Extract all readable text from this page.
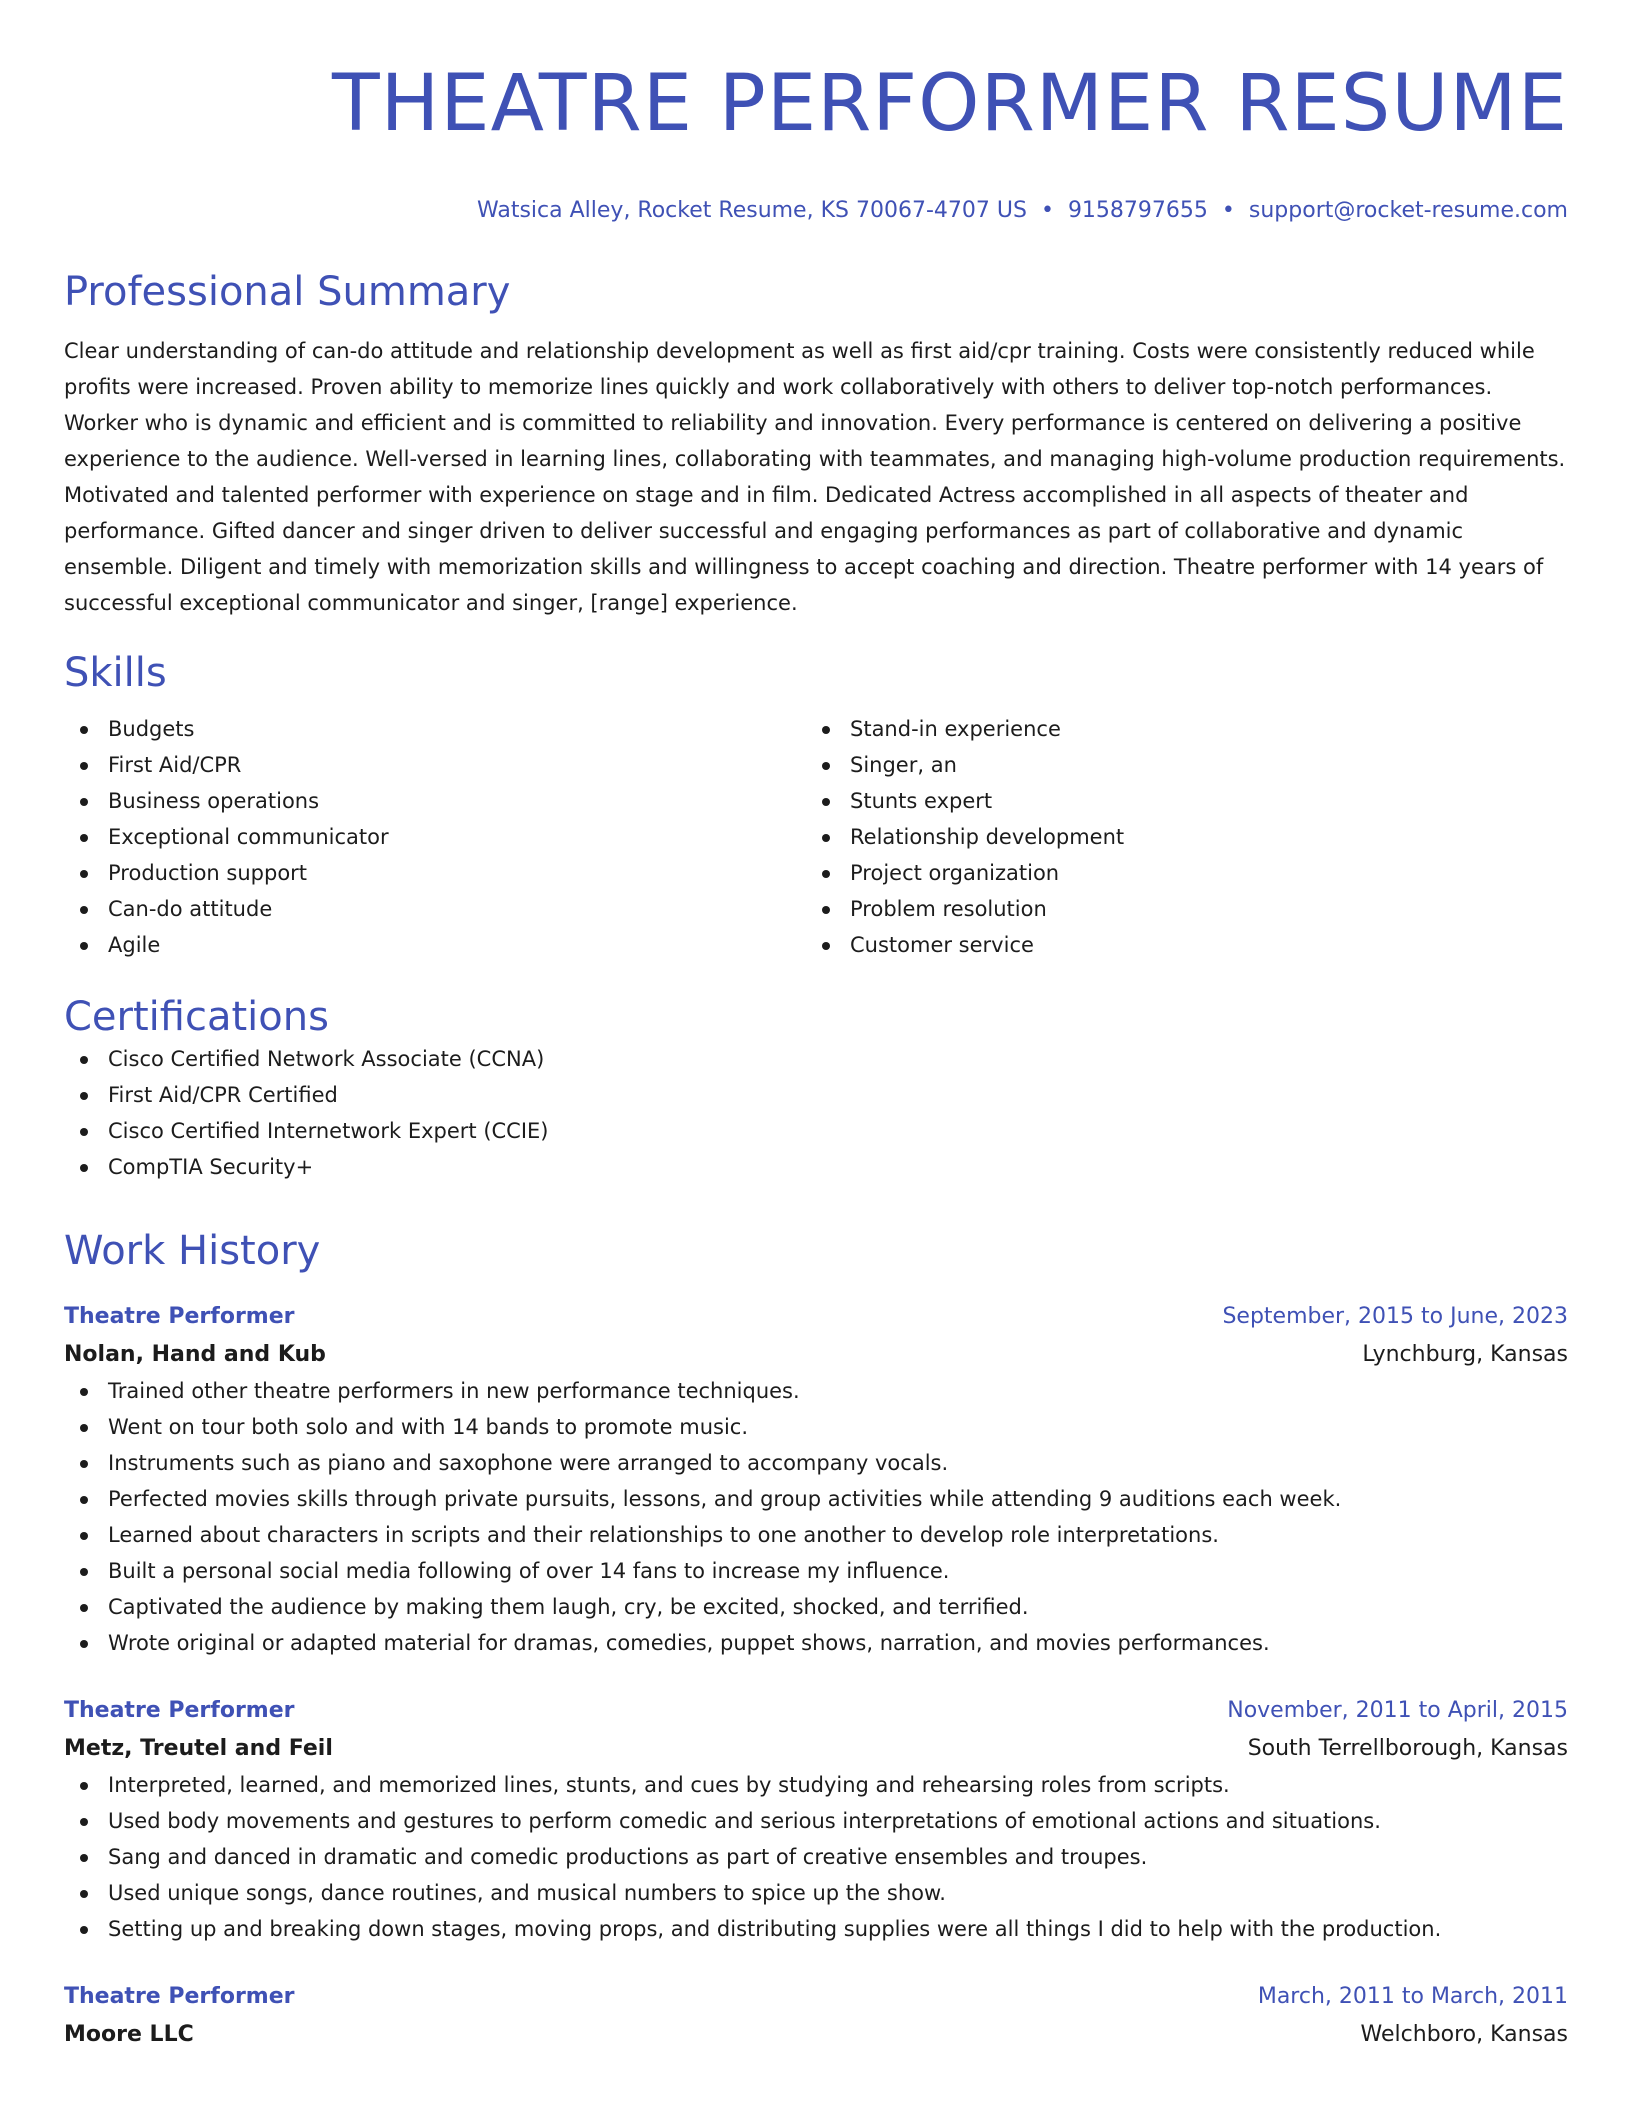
THEATRE PERFORMER RESUME
Watsica Alley, Rocket Resume, KS 70067-4707 US • 9158797655 • support@rocket-resume.com
Professional Summary

Clear understanding of can-do attitude and relationship development as well as first aid/cpr training. Costs were consistently reduced while profits were increased. Proven ability to memorize lines quickly and work collaboratively with others to deliver top-notch performances. Worker who is dynamic and efficient and is committed to reliability and innovation. Every performance is centered on delivering a positive experience to the audience. Well-versed in learning lines, collaborating with teammates, and managing high-volume production requirements. Motivated and talented performer with experience on stage and in film. Dedicated Actress accomplished in all aspects of theater and performance. Gifted dancer and singer driven to deliver successful and engaging performances as part of collaborative and dynamic ensemble. Diligent and timely with memorization skills and willingness to accept coaching and direction. Theatre performer with 14 years of successful exceptional communicator and singer, [range] experience.

Skills
Budgets
First Aid/CPR
Business operations
Exceptional communicator
Production support
Can-do attitude
Agile
Stand-in experience
Singer, an
Stunts expert
Relationship development
Project organization
Problem resolution
Customer service
Certifications
Cisco Certified Network Associate (CCNA)
First Aid/CPR Certified
Cisco Certified Internetwork Expert (CCIE)
CompTIA Security+
Work History
Theatre Performer	September, 2015 to June, 2023
Nolan, Hand and Kub	Lynchburg, Kansas
Trained other theatre performers in new performance techniques.
Went on tour both solo and with 14 bands to promote music.
Instruments such as piano and saxophone were arranged to accompany vocals.
Perfected movies skills through private pursuits, lessons, and group activities while attending 9 auditions each week.
Learned about characters in scripts and their relationships to one another to develop role interpretations.
Built a personal social media following of over 14 fans to increase my influence.
Captivated the audience by making them laugh, cry, be excited, shocked, and terrified.
Wrote original or adapted material for dramas, comedies, puppet shows, narration, and movies performances.
Theatre Performer	November, 2011 to April, 2015
Metz, Treutel and Feil	South Terrellborough, Kansas
Interpreted, learned, and memorized lines, stunts, and cues by studying and rehearsing roles from scripts.
Used body movements and gestures to perform comedic and serious interpretations of emotional actions and situations.
Sang and danced in dramatic and comedic productions as part of creative ensembles and troupes.
Used unique songs, dance routines, and musical numbers to spice up the show.
Setting up and breaking down stages, moving props, and distributing supplies were all things I did to help with the production.
Theatre Performer	March, 2011 to March, 2011
Moore LLC	Welchboro, Kansas
